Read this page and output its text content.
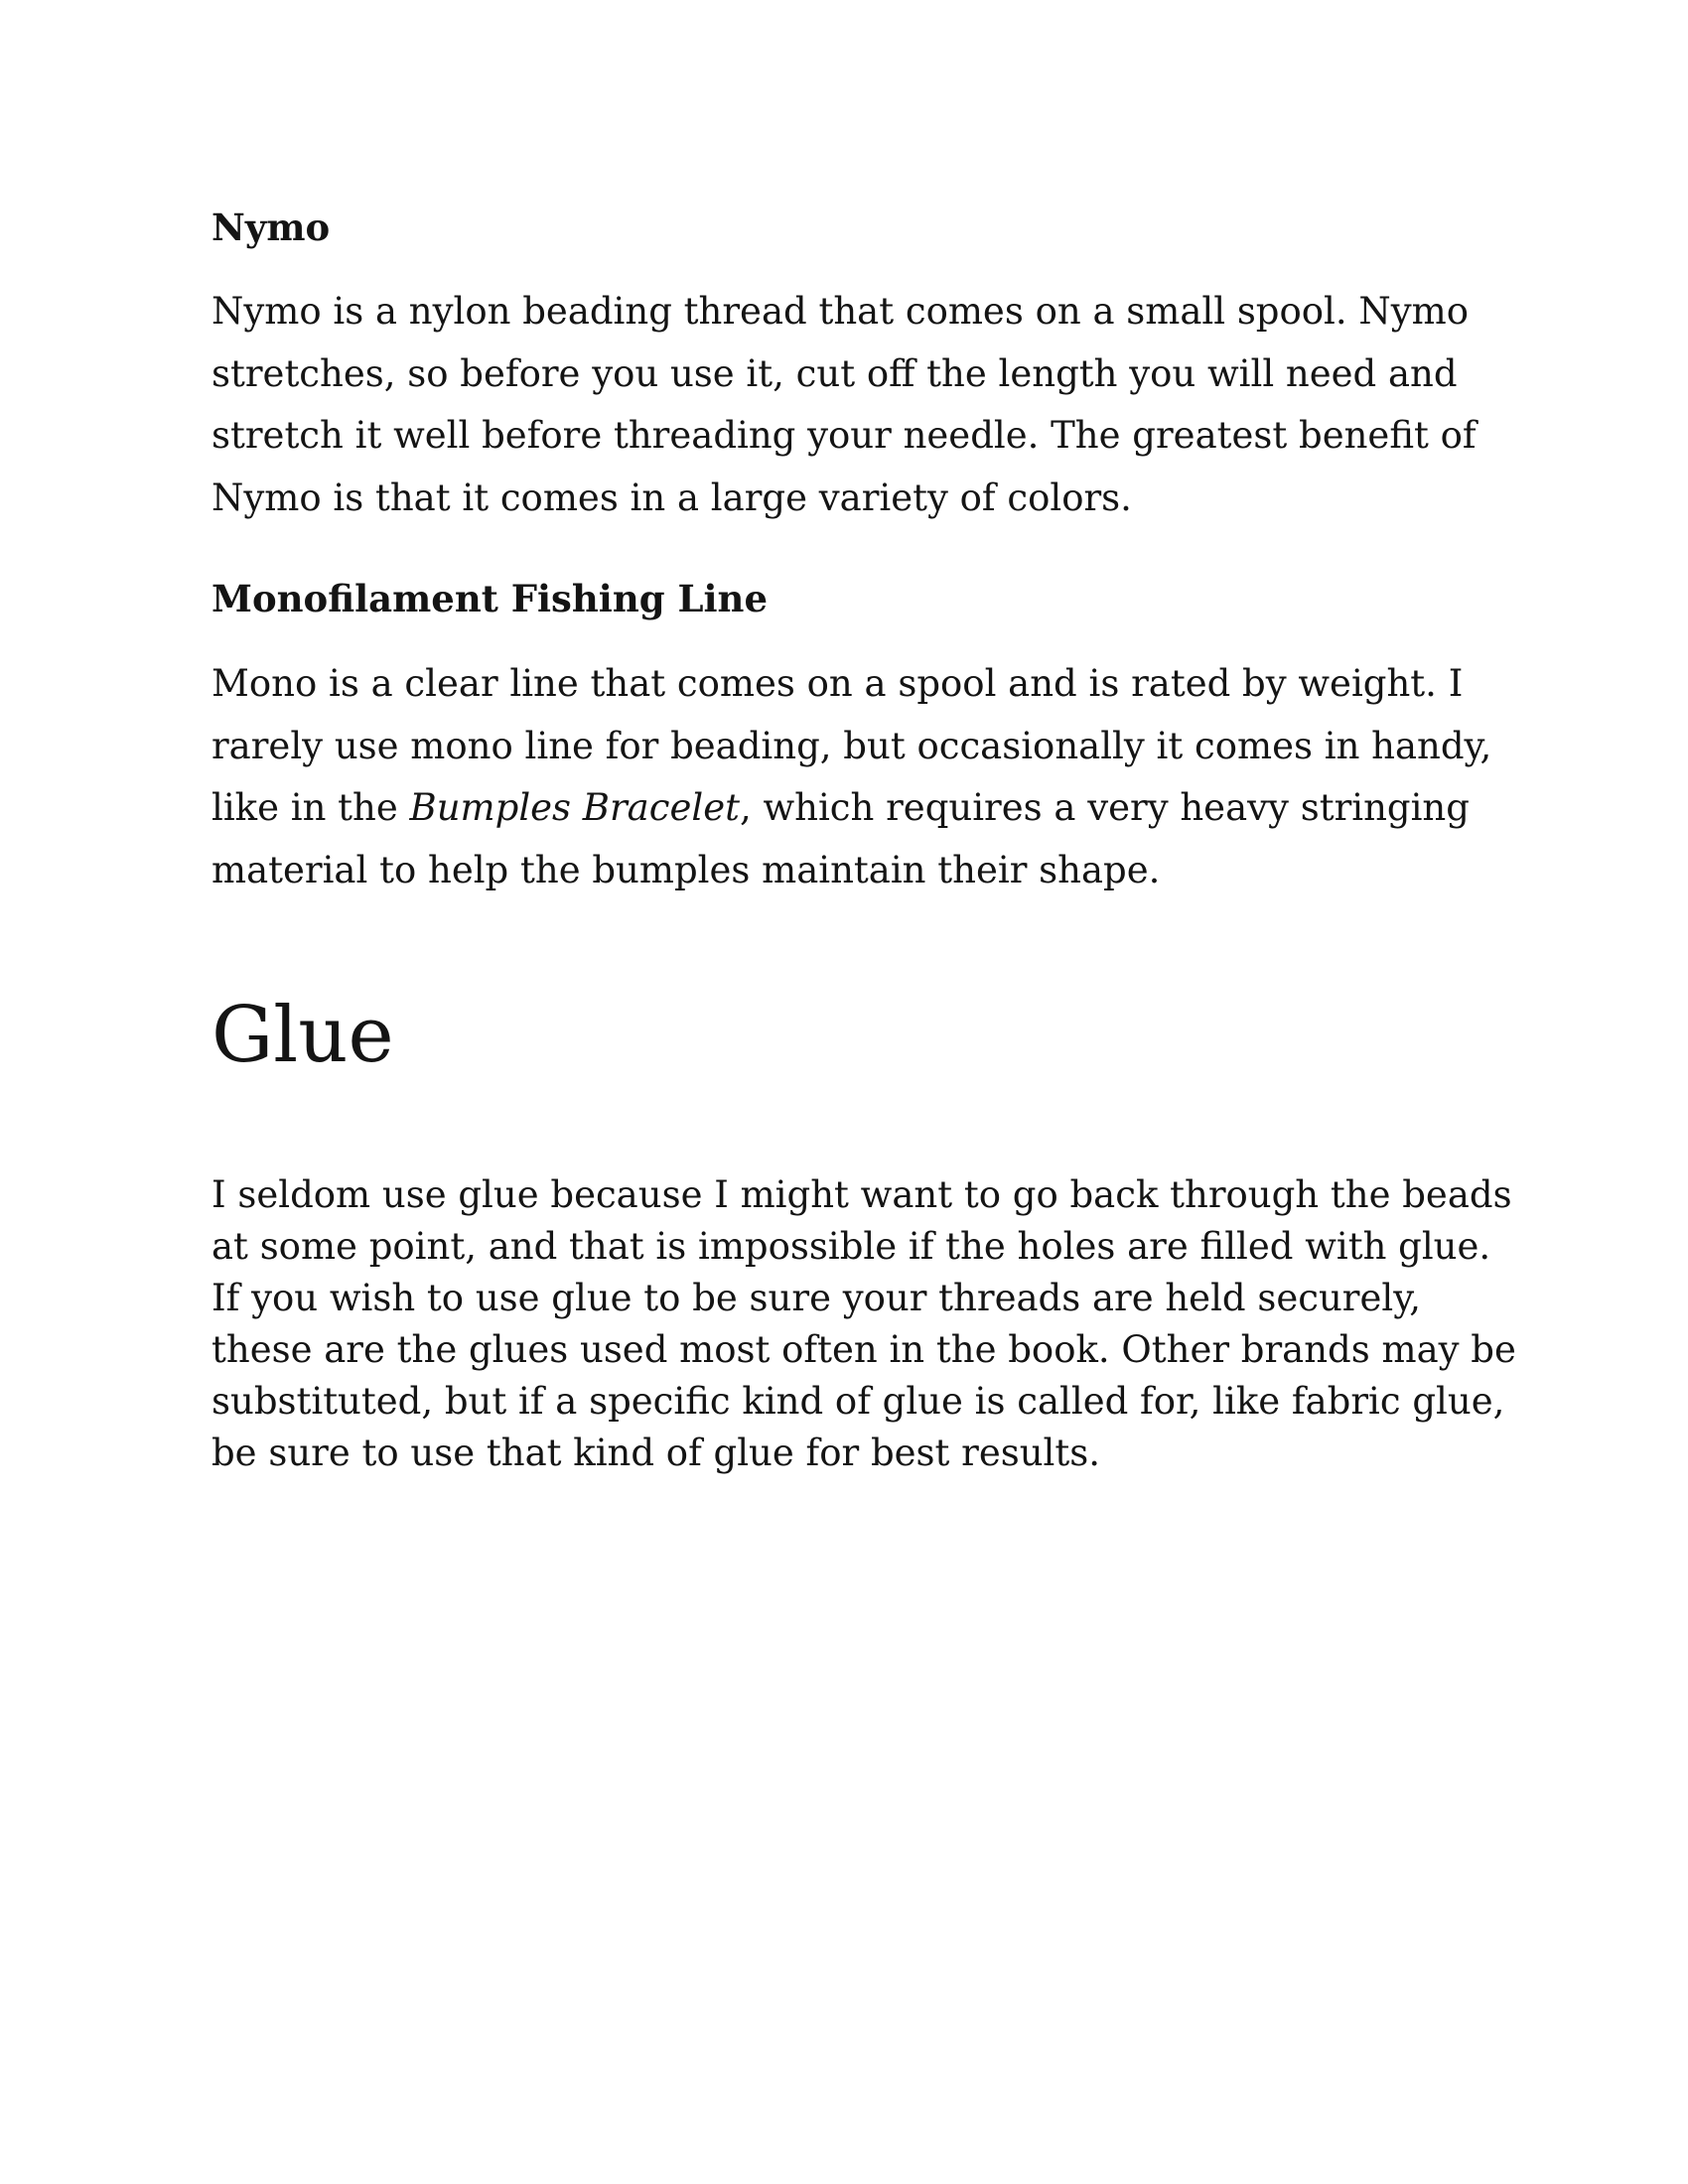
Nymo

Nymo is a nylon beading thread that comes on a small spool. Nymo
stretches, so before you use it, cut off the length you will need and
stretch it well before threading your needle. The greatest benefit of
Nymo is that it comes in a large variety of colors.

Monofilament Fishing Line

Mono is a clear line that comes on a spool and is rated by weight. I
rarely use mono line for beading, but occasionally it comes in handy,
like in the Bumples Bracelet, which requires a very heavy stringing
material to help the bumples maintain their shape.

Glue

I seldom use glue because I might want to go back through the beads
at some point, and that is impossible if the holes are filled with glue.
If you wish to use glue to be sure your threads are held securely,
these are the glues used most often in the book. Other brands may be
substituted, but if a specific kind of glue is called for, like fabric glue,
be sure to use that kind of glue for best results.
